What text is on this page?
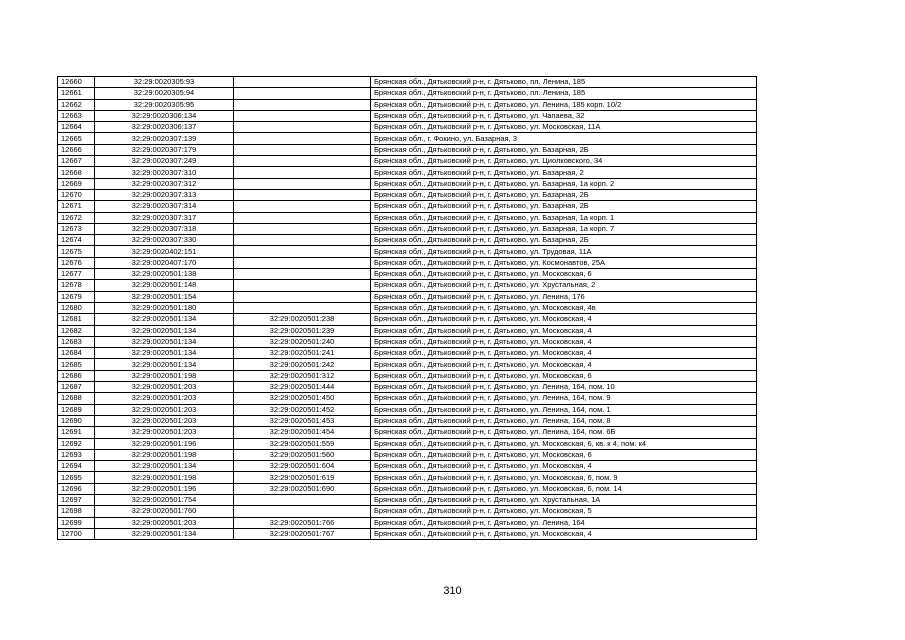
12660	32:29:0020305:93		Брянская обл., Дятьковский р-н, г. Дятьково, пл. Ленина, 185
12661	32:29:0020305:94		Брянская обл., Дятьковский р-н, г. Дятьково, пл. Ленина, 185
12662	32:29:0020305:95		Брянская обл., Дятьковский р-н, г. Дятьково, ул. Ленина, 185 корп. 10/2
12663	32:29:0020306:134		Брянская обл., Дятьковский р-н, г. Дятьково, ул. Чапаева, 32
12664	32:29:0020306:137		Брянская обл., Дятьковский р-н, г. Дятьково, ул. Московская, 11А
12665	32:29:0020307:139		Брянская обл., г. Фокино, ул. Базарная, 3
12666	32:29:0020307:179		Брянская обл., Дятьковский р-н, г. Дятьково, ул. Базарная, 2Б
12667	32:29:0020307:249		Брянская обл., Дятьковский р-н, г. Дятьково, ул. Циолковского, 34
12668	32:29:0020307:310		Брянская обл., Дятьковский р-н, г. Дятьково, ул. Базарная, 2
12669	32:29:0020307:312		Брянская обл., Дятьковский р-н, г. Дятьково, ул. Базарная, 1а корп. 2
12670	32:29:0020307:313		Брянская обл., Дятьковский р-н, г. Дятьково, ул. Базарная, 2Б
12671	32:29:0020307:314		Брянская обл., Дятьковский р-н, г. Дятьково, ул. Базарная, 2Б
12672	32:29:0020307:317		Брянская обл., Дятьковский р-н, г. Дятьково, ул. Базарная, 1а корп. 1
12673	32:29:0020307:318		Брянская обл., Дятьковский р-н, г. Дятьково, ул. Базарная, 1а корп. 7
12674	32:29:0020307:330		Брянская обл., Дятьковский р-н, г. Дятьково, ул. Базарная, 2Б
12675	32:29:0020402:151		Брянская обл., Дятьковский р-н, г. Дятьково, ул. Трудовая, 11А
12676	32:29:0020407:170		Брянская обл., Дятьковский р-н, г. Дятьково, ул. Космонавтов, 25А
12677	32:29:0020501:138		Брянская обл., Дятьковский р-н, г. Дятьково, ул. Московская, 6
12678	32:29:0020501:148		Брянская обл., Дятьковский р-н, г. Дятьково, ул. Хрустальная, 2
12679	32:29:0020501:154		Брянская обл., Дятьковский р-н, г. Дятьково, ул. Ленина, 176
12680	32:29:0020501:180		Брянская обл., Дятьковский р-н, г. Дятьково, ул. Московская, 4в
12681	32:29:0020501:134	32:29:0020501:238	Брянская обл., Дятьковский р-н, г. Дятьково, ул. Московская, 4
12682	32:29:0020501:134	32:29:0020501:239	Брянская обл., Дятьковский р-н, г. Дятьково, ул. Московская, 4
12683	32:29:0020501:134	32:29:0020501:240	Брянская обл., Дятьковский р-н, г. Дятьково, ул. Московская, 4
12684	32:29:0020501:134	32:29:0020501:241	Брянская обл., Дятьковский р-н, г. Дятьково, ул. Московская, 4
12685	32:29:0020501:134	32:29:0020501:242	Брянская обл., Дятьковский р-н, г. Дятьково, ул. Московская, 4
12686	32:29:0020501:198	32:29:0020501:312	Брянская обл., Дятьковский р-н, г. Дятьково, ул. Московская, 6
12687	32:29:0020501:203	32:29:0020501:444	Брянская обл., Дятьковский р-н, г. Дятьково, ул. Ленина, 164, пом. 10
12688	32:29:0020501:203	32:29:0020501:450	Брянская обл., Дятьковский р-н, г. Дятьково, ул. Ленина, 164, пом. 9
12689	32:29:0020501:203	32:29:0020501:452	Брянская обл., Дятьковский р-н, г. Дятьково, ул. Ленина, 164, пом. 1
12690	32:29:0020501:203	32:29:0020501:453	Брянская обл., Дятьковский р-н, г. Дятьково, ул. Ленина, 164, пом. 8
12691	32:29:0020501:203	32:29:0020501:454	Брянская обл., Дятьковский р-н, г. Дятьково, ул. Ленина, 164, пом. 6Б
12692	32:29:0020501:196	32:29:0020501:559	Брянская обл., Дятьковский р-н, г. Дятьково, ул. Московская, 6, кв. к 4, пом. к4
12693	32:29:0020501:198	32:29:0020501:560	Брянская обл., Дятьковский р-н, г. Дятьково, ул. Московская, 6
12694	32:29:0020501:134	32:29:0020501:604	Брянская обл., Дятьковский р-н, г. Дятьково, ул. Московская, 4
12695	32:29:0020501:198	32:29:0020501:619	Брянская обл., Дятьковский р-н, г. Дятьково, ул. Московская, 6, пом. 9
12696	32:29:0020501:196	32:29:0020501:690	Брянская обл., Дятьковский р-н, г. Дятьково, ул. Московская, 6, пом. 14
12697	32:29:0020501:754		Брянская обл., Дятьковский р-н, г. Дятьково, ул. Хрустальная, 1А
12698	32:29:0020501:760		Брянская обл., Дятьковский р-н, г. Дятьково, ул. Московская, 5
12699	32:29:0020501:203	32:29:0020501:766	Брянская обл., Дятьковский р-н, г. Дятьково, ул. Ленина, 164
12700	32:29:0020501:134	32:29:0020501:767	Брянская обл., Дятьковский р-н, г. Дятьково, ул. Московская, 4
310
